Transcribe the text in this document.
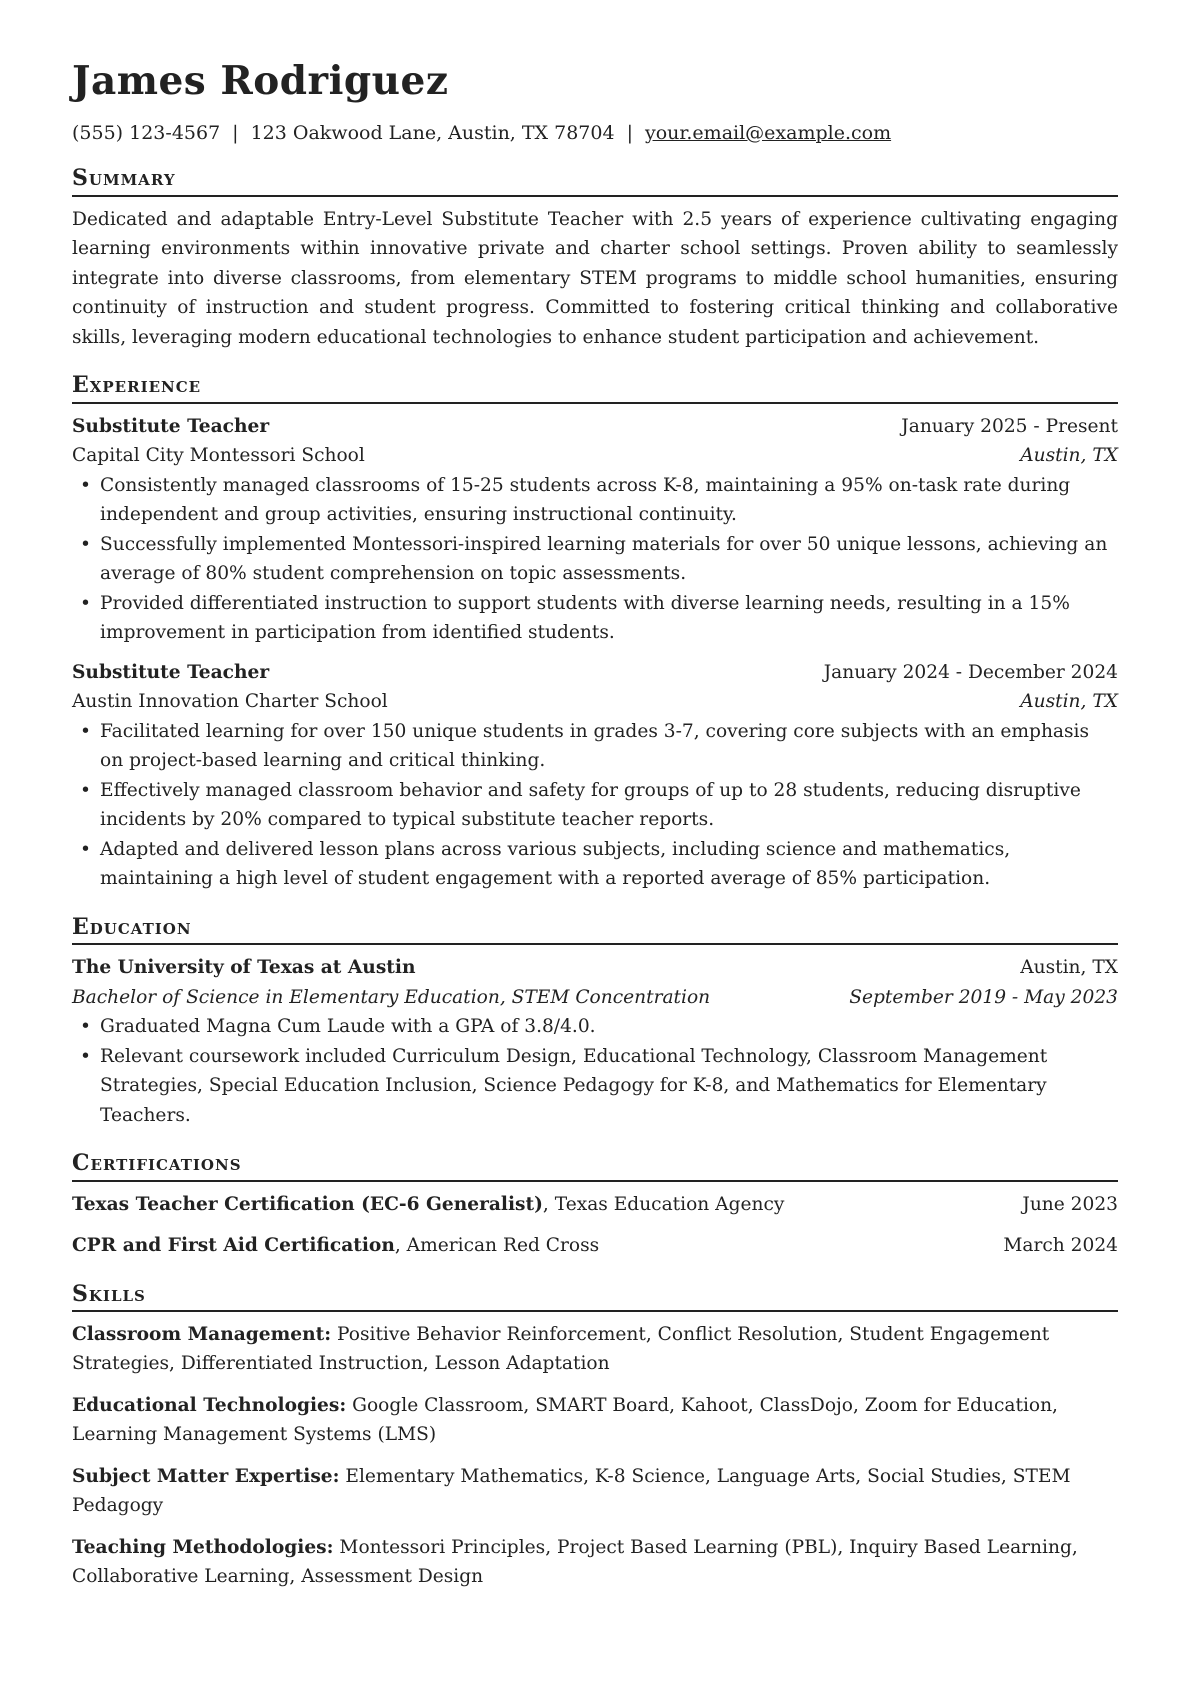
James Rodriguez
(555) 123-4567 | 123 Oakwood Lane, Austin, TX 78704 | your.email@example.com
Summary

Dedicated and adaptable Entry-Level Substitute Teacher with 2.5 years of experience cultivating engaging learning environments within innovative private and charter school settings. Proven ability to seamlessly integrate into diverse classrooms, from elementary STEM programs to middle school humanities, ensuring continuity of instruction and student progress. Committed to fostering critical thinking and collaborative skills, leveraging modern educational technologies to enhance student participation and achievement.

Experience
Substitute Teacher	January 2025 - Present
Capital City Montessori School	Austin, TX
• Consistently managed classrooms of 15-25 students across K-8, maintaining a 95% on-task rate during independent and group activities, ensuring instructional continuity.
• Successfully implemented Montessori-inspired learning materials for over 50 unique lessons, achieving an average of 80% student comprehension on topic assessments.
• Provided differentiated instruction to support students with diverse learning needs, resulting in a 15% improvement in participation from identified students.
Substitute Teacher	January 2024 - December 2024
Austin Innovation Charter School	Austin, TX
• Facilitated learning for over 150 unique students in grades 3-7, covering core subjects with an emphasis on project-based learning and critical thinking.
• Effectively managed classroom behavior and safety for groups of up to 28 students, reducing disruptive incidents by 20% compared to typical substitute teacher reports.
• Adapted and delivered lesson plans across various subjects, including science and mathematics, maintaining a high level of student engagement with a reported average of 85% participation.
Education
The University of Texas at Austin	Austin, TX
Bachelor of Science in Elementary Education, STEM Concentration	September 2019 - May 2023
• Graduated Magna Cum Laude with a GPA of 3.8/4.0.
• Relevant coursework included Curriculum Design, Educational Technology, Classroom Management Strategies, Special Education Inclusion, Science Pedagogy for K-8, and Mathematics for Elementary Teachers.
Certifications
Texas Teacher Certification (EC-6 Generalist), Texas Education Agency	June 2023
CPR and First Aid Certification, American Red Cross	March 2024
Skills
Classroom Management: Positive Behavior Reinforcement, Conflict Resolution, Student Engagement Strategies, Differentiated Instruction, Lesson Adaptation
Educational Technologies: Google Classroom, SMART Board, Kahoot, ClassDojo, Zoom for Education, Learning Management Systems (LMS)
Subject Matter Expertise: Elementary Mathematics, K-8 Science, Language Arts, Social Studies, STEM Pedagogy
Teaching Methodologies: Montessori Principles, Project Based Learning (PBL), Inquiry Based Learning, Collaborative Learning, Assessment Design
